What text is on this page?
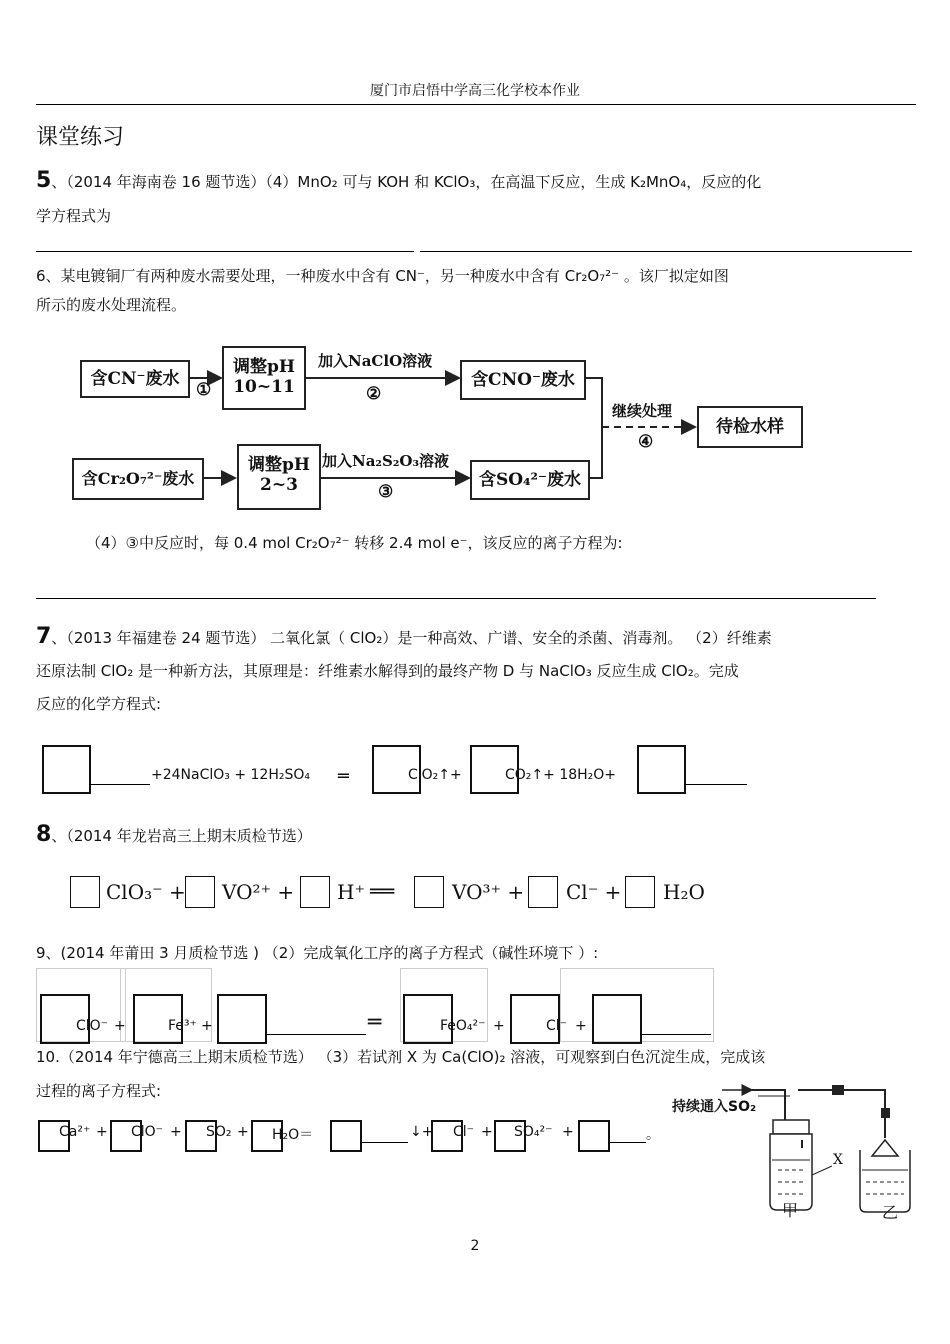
厦门市启悟中学高三化学校本作业
课堂练习
5、（2014 年海南卷 16 题节选）（4）MnO₂ 可与 KOH 和 KClO₃，在高温下反应，生成 K₂MnO₄，反应的化
学方程式为
6、某电镀铜厂有两种废水需要处理，一种废水中含有 CN⁻，另一种废水中含有 Cr₂O₇²⁻ 。该厂拟定如图
所示的废水处理流程。
含CN⁻废水
①
调整pH
10~11
加入NaClO溶液
②
含CNO⁻废水
继续处理
④
待检水样
含Cr₂O₇²⁻废水
调整pH
2~3
加入Na₂S₂O₃溶液
③
含SO₄²⁻废水
（4）③中反应时，每 0.4 mol Cr₂O₇²⁻ 转移 2.4 mol e⁻，该反应的离子方程为:
7、（2013 年福建卷 24 题节选） 二氧化氯（ ClO₂）是一种高效、广谱、安全的杀菌、消毒剂。 （2）纤维素
还原法制 ClO₂ 是一种新方法，其原理是：纤维素水解得到的最终产物 D 与 NaClO₃ 反应生成 ClO₂。完成
反应的化学方程式:
+24NaClO₃ + 12H₂SO₄ ═	ClO₂↑+	CO₂↑+ 18H₂O+
8、（2014 年龙岩高三上期末质检节选）
ClO₃⁻ + VO²⁺ + H⁺ ══	VO³⁺ + Cl⁻ + H₂O
9、(2014 年莆田 3 月质检节选 ) （2）完成氧化工序的离子方程式（碱性环境下 ）:
ClO⁻ +	Fe³⁺ +	═	FeO₄²⁻ +	Cl⁻ +
10.（2014 年宁德高三上期末质检节选） （3）若试剂 X 为 Ca(ClO)₂ 溶液，可观察到白色沉淀生成，完成该
过程的离子方程式:
Ca²⁺ + ClO⁻ + SO₂ + H₂O＝	↓+ Cl⁻ + SO₄²⁻ +	。
持续通入SO₂
X
甲	乙
2
